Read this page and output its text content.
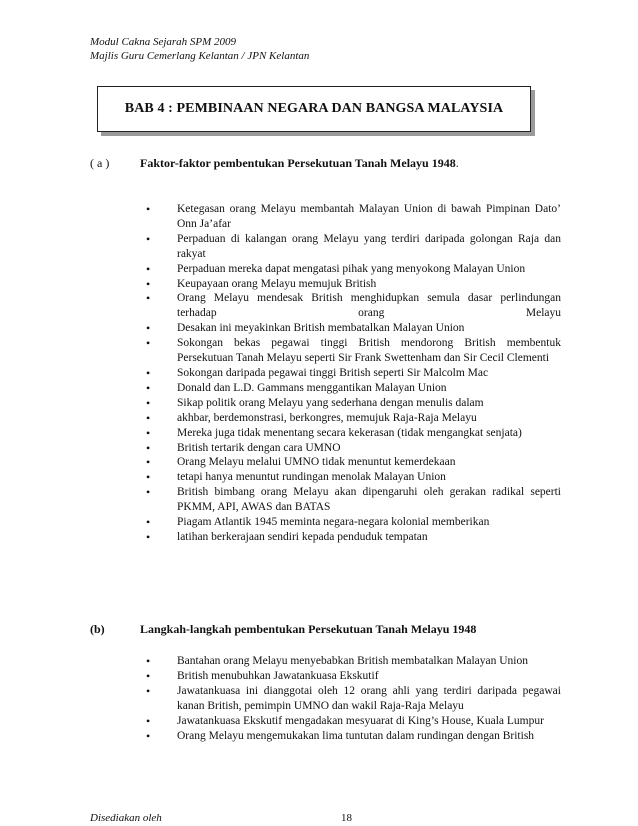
Modul Cakna Sejarah SPM 2009
Majlis Guru Cemerlang Kelantan / JPN Kelantan
BAB 4 : PEMBINAAN NEGARA DAN BANGSA MALAYSIA
( a )	Faktor-faktor pembentukan Persekutuan Tanah Melayu 1948.
• Ketegasan orang Melayu membantah Malayan Union di bawah Pimpinan Dato’ Onn Ja’afar
• Perpaduan di kalangan orang Melayu yang terdiri daripada golongan Raja dan rakyat
• Perpaduan mereka dapat mengatasi pihak yang menyokong Malayan Union
• Keupayaan orang Melayu memujuk British
• Orang Melayu mendesak British menghidupkan semula dasar perlindungan terhadap orang Melayu
• Desakan ini meyakinkan British membatalkan Malayan Union
• Sokongan bekas pegawai tinggi British mendorong British membentuk Persekutuan Tanah Melayu seperti Sir Frank Swettenham dan Sir Cecil Clementi
• Sokongan daripada pegawai tinggi British seperti Sir Malcolm Mac
• Donald dan L.D. Gammans menggantikan Malayan Union
• Sikap politik orang Melayu yang sederhana dengan menulis dalam
• akhbar, berdemonstrasi, berkongres, memujuk Raja-Raja Melayu
• Mereka juga tidak menentang secara kekerasan (tidak mengangkat senjata)
• British tertarik dengan cara UMNO
• Orang Melayu melalui UMNO tidak menuntut kemerdekaan
• tetapi hanya menuntut rundingan menolak Malayan Union
• British bimbang orang Melayu akan dipengaruhi oleh gerakan radikal seperti PKMM, API, AWAS dan BATAS
• Piagam Atlantik 1945 meminta negara-negara kolonial memberikan
• latihan berkerajaan sendiri kepada penduduk tempatan
(b)	Langkah-langkah pembentukan Persekutuan Tanah Melayu 1948
• Bantahan orang Melayu menyebabkan British membatalkan Malayan Union
• British menubuhkan Jawatankuasa Ekskutif
• Jawatankuasa ini dianggotai oleh 12 orang ahli yang terdiri daripada pegawai kanan British, pemimpin UMNO dan wakil Raja-Raja Melayu
• Jawatankuasa Ekskutif mengadakan mesyuarat di King’s House, Kuala Lumpur
• Orang Melayu mengemukakan lima tuntutan dalam rundingan dengan British
Disediakan oleh	18
